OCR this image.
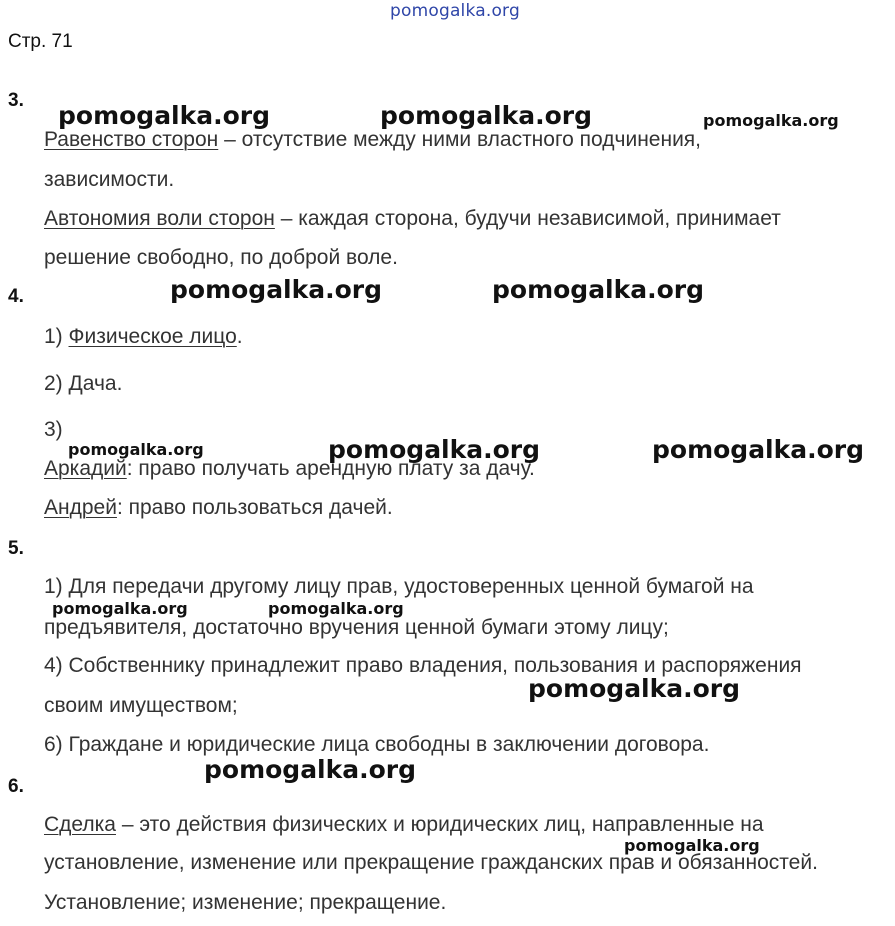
pomogalka.org
Стр. 71
3.
pomogalka.org	pomogalka.org	pomogalka.org
Равенство сторон – отсутствие между ними властного подчинения,
зависимости.
Автономия воли сторон – каждая сторона, будучи независимой, принимает
решение свободно, по доброй воле.
4.	pomogalka.org	pomogalka.org
1) Физическое лицо.
2) Дача.
3)
pomogalka.org	pomogalka.org	pomogalka.org
Аркадий: право получать арендную плату за дачу.
Андрей: право пользоваться дачей.
5.
1) Для передачи другому лицу прав, удостоверенных ценной бумагой на
pomogalka.org	pomogalka.org
предъявителя, достаточно вручения ценной бумаги этому лицу;
4) Собственнику принадлежит право владения, пользования и распоряжения
pomogalka.org
своим имуществом;
6) Граждане и юридические лица свободны в заключении договора.
pomogalka.org
6.
Сделка – это действия физических и юридических лиц, направленные на
pomogalka.org
установление, изменение или прекращение гражданских прав и обязанностей.
Установление; изменение; прекращение.
